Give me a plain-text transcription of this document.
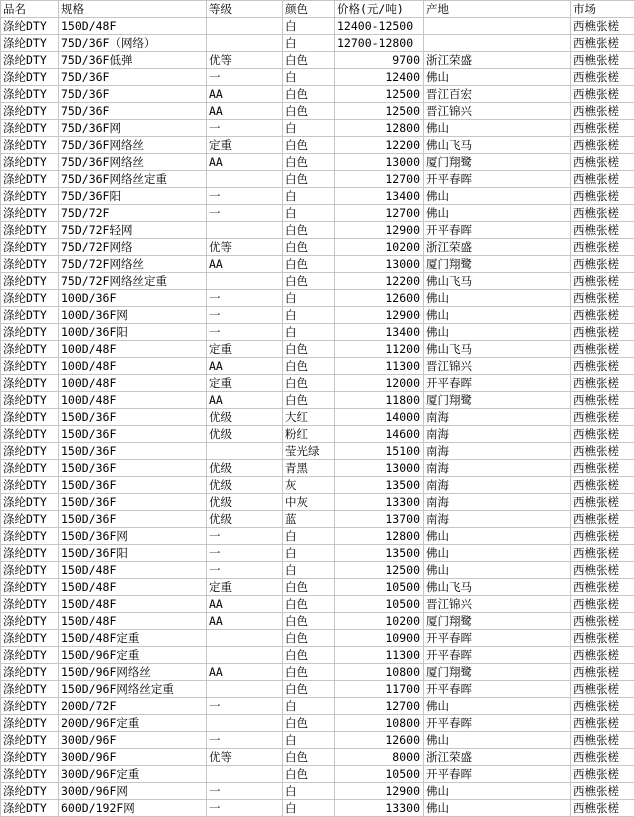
品名	规格	等级	颜色	价格(元/吨)	产地	市场
涤纶DTY	150D/48F		白	12400-12500		西樵张槎
涤纶DTY	75D/36F（网络）		白	12700-12800		西樵张槎
涤纶DTY	75D/36F低弹	优等	白色	9700	浙江荣盛	西樵张槎
涤纶DTY	75D/36F	一	白	12400	佛山	西樵张槎
涤纶DTY	75D/36F	AA	白色	12500	晋江百宏	西樵张槎
涤纶DTY	75D/36F	AA	白色	12500	晋江锦兴	西樵张槎
涤纶DTY	75D/36F网	一	白	12800	佛山	西樵张槎
涤纶DTY	75D/36F网络丝	定重	白色	12200	佛山飞马	西樵张槎
涤纶DTY	75D/36F网络丝	AA	白色	13000	厦门翔鹭	西樵张槎
涤纶DTY	75D/36F网络丝定重		白色	12700	开平春晖	西樵张槎
涤纶DTY	75D/36F阳	一	白	13400	佛山	西樵张槎
涤纶DTY	75D/72F	一	白	12700	佛山	西樵张槎
涤纶DTY	75D/72F轻网		白色	12900	开平春晖	西樵张槎
涤纶DTY	75D/72F网络	优等	白色	10200	浙江荣盛	西樵张槎
涤纶DTY	75D/72F网络丝	AA	白色	13000	厦门翔鹭	西樵张槎
涤纶DTY	75D/72F网络丝定重		白色	12200	佛山飞马	西樵张槎
涤纶DTY	100D/36F	一	白	12600	佛山	西樵张槎
涤纶DTY	100D/36F网	一	白	12900	佛山	西樵张槎
涤纶DTY	100D/36F阳	一	白	13400	佛山	西樵张槎
涤纶DTY	100D/48F	定重	白色	11200	佛山飞马	西樵张槎
涤纶DTY	100D/48F	AA	白色	11300	晋江锦兴	西樵张槎
涤纶DTY	100D/48F	定重	白色	12000	开平春晖	西樵张槎
涤纶DTY	100D/48F	AA	白色	11800	厦门翔鹭	西樵张槎
涤纶DTY	150D/36F	优级	大红	14000	南海	西樵张槎
涤纶DTY	150D/36F	优级	粉红	14600	南海	西樵张槎
涤纶DTY	150D/36F		莹光绿	15100	南海	西樵张槎
涤纶DTY	150D/36F	优级	青黑	13000	南海	西樵张槎
涤纶DTY	150D/36F	优级	灰	13500	南海	西樵张槎
涤纶DTY	150D/36F	优级	中灰	13300	南海	西樵张槎
涤纶DTY	150D/36F	优级	蓝	13700	南海	西樵张槎
涤纶DTY	150D/36F网	一	白	12800	佛山	西樵张槎
涤纶DTY	150D/36F阳	一	白	13500	佛山	西樵张槎
涤纶DTY	150D/48F	一	白	12500	佛山	西樵张槎
涤纶DTY	150D/48F	定重	白色	10500	佛山飞马	西樵张槎
涤纶DTY	150D/48F	AA	白色	10500	晋江锦兴	西樵张槎
涤纶DTY	150D/48F	AA	白色	10200	厦门翔鹭	西樵张槎
涤纶DTY	150D/48F定重		白色	10900	开平春晖	西樵张槎
涤纶DTY	150D/96F定重		白色	11300	开平春晖	西樵张槎
涤纶DTY	150D/96F网络丝	AA	白色	10800	厦门翔鹭	西樵张槎
涤纶DTY	150D/96F网络丝定重		白色	11700	开平春晖	西樵张槎
涤纶DTY	200D/72F	一	白	12700	佛山	西樵张槎
涤纶DTY	200D/96F定重		白色	10800	开平春晖	西樵张槎
涤纶DTY	300D/96F	一	白	12600	佛山	西樵张槎
涤纶DTY	300D/96F	优等	白色	8000	浙江荣盛	西樵张槎
涤纶DTY	300D/96F定重		白色	10500	开平春晖	西樵张槎
涤纶DTY	300D/96F网	一	白	12900	佛山	西樵张槎
涤纶DTY	600D/192F网	一	白	13300	佛山	西樵张槎
